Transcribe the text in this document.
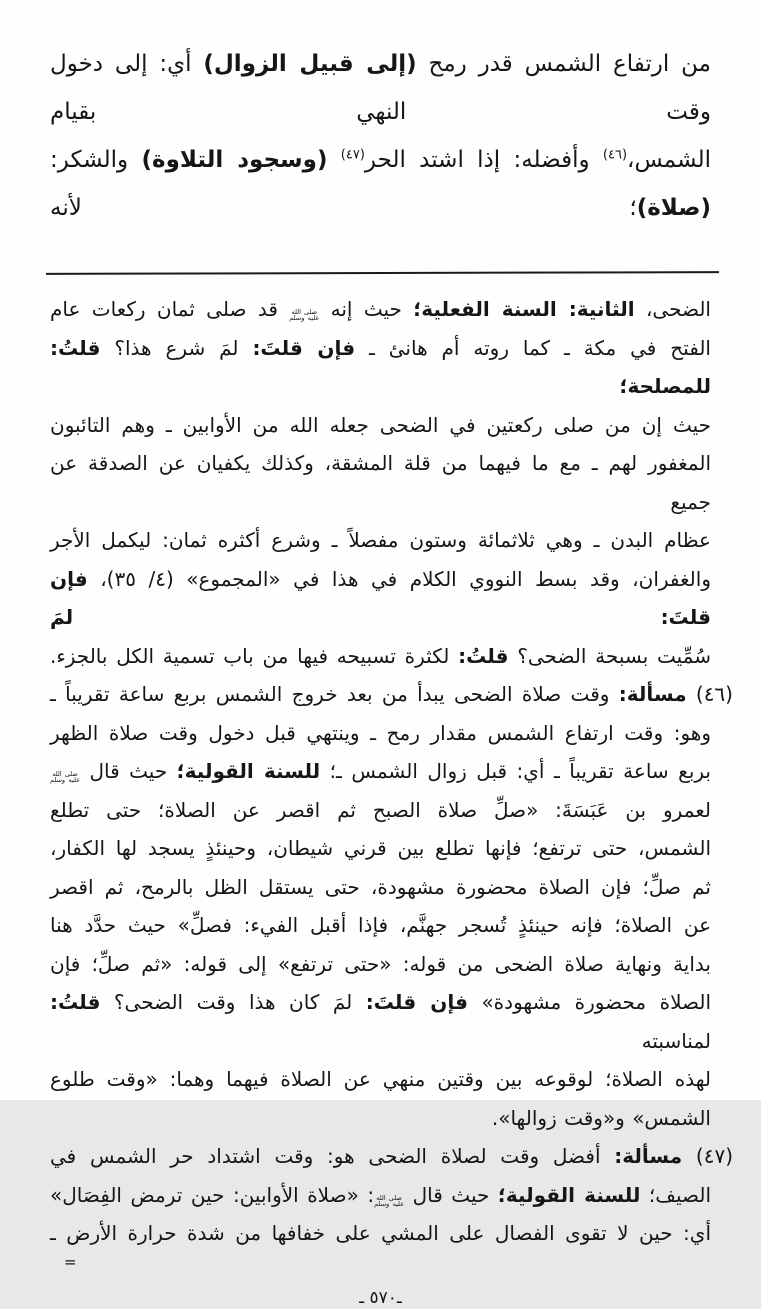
من ارتفاع الشمس قدر رمح (إلى قبيل الزوال) أي: إلى دخول وقت النهي بقيام
الشمس،$^{(٤٦)}$ وأفضله: إذا اشتد الحر$^{(٤٧)}$ (وسجود التلاوة) والشكر: (صلاة)؛ لأنه
الضحى، الثانية: السنة الفعلية؛ حيث إنه صلى الله عليه وسلم قد صلى ثمان ركعات عام
الفتح في مكة ـ كما روته أم هانئ ـ فإن قلتَ: لمَ شرع هذا؟ قلتُ: للمصلحة؛
حيث إن من صلى ركعتين في الضحى جعله الله من الأوابين ـ وهم التائبون
المغفور لهم ـ مع ما فيهما من قلة المشقة، وكذلك يكفيان عن الصدقة عن جميع
عظام البدن ـ وهي ثلاثمائة وستون مفصلاً ـ وشرع أكثره ثمان: ليكمل الأجر
والغفران، وقد بسط النووي الكلام في هذا في «المجموع» (٤/ ٣٥)، فإن قلتَ: لمَ
سُمِّيت بسبحة الضحى؟ قلتُ: لكثرة تسبيحه فيها من باب تسمية الكل بالجزء.
(٤٦) مسألة: وقت صلاة الضحى يبدأ من بعد خروج الشمس بربع ساعة تقريباً ـ
وهو: وقت ارتفاع الشمس مقدار رمح ـ وينتهي قبل دخول وقت صلاة الظهر
بربع ساعة تقريباً ـ أي: قبل زوال الشمس ـ؛ للسنة القولية؛ حيث قال صلى الله عليه وسلم
لعمرو بن عَبَسَةَ: «صلِّ صلاة الصبح ثم اقصر عن الصلاة؛ حتى تطلع
الشمس، حتى ترتفع؛ فإنها تطلع بين قرني شيطان، وحينئذٍ يسجد لها الكفار،
ثم صلِّ؛ فإن الصلاة محضورة مشهودة، حتى يستقل الظل بالرمح، ثم اقصر
عن الصلاة؛ فإنه حينئذٍ تُسجر جهنَّم، فإذا أقبل الفيء: فصلِّ» حيث حدَّد هنا
بداية ونهاية صلاة الضحى من قوله: «حتى ترتفع» إلى قوله: «ثم صلِّ؛ فإن
الصلاة محضورة مشهودة» فإن قلتَ: لمَ كان هذا وقت الضحى؟ قلتُ: لمناسبته
لهذه الصلاة؛ لوقوعه بين وقتين منهي عن الصلاة فيهما وهما: «وقت طلوع
الشمس» و«وقت زوالها».
(٤٧) مسألة: أفضل وقت لصلاة الضحى هو: وقت اشتداد حر الشمس في
الصيف؛ للسنة القولية؛ حيث قال صلى الله عليه وسلم: «صلاة الأوابين: حين ترمض الفِصَال»
أي: حين لا تقوى الفصال على المشي على خفافها من شدة حرارة الأرض ـ
=
ـ٥٧٠ ـ
